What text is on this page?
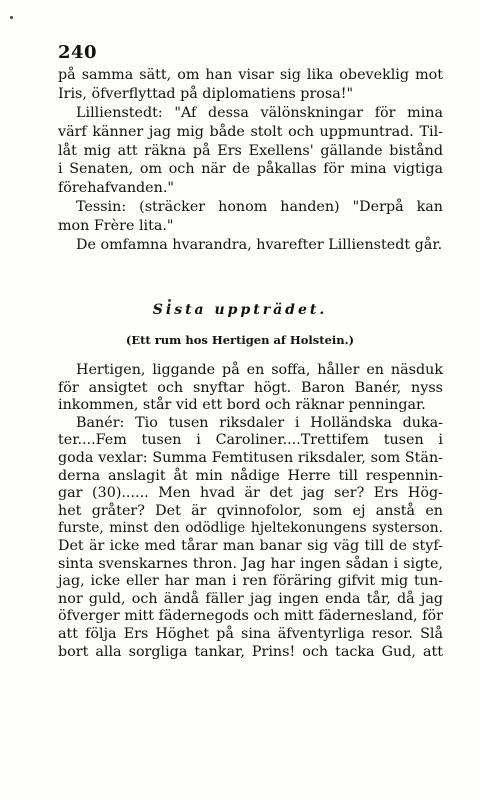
240
på samma sätt, om han visar sig lika obeveklig mot
Iris, öfverflyttad på diplomatiens prosa!"
Lillienstedt: "Af dessa välönskningar för mina
värf känner jag mig både stolt och uppmuntrad. Til-
låt mig att räkna på Ers Exellens' gällande bistånd
i Senaten, om och när de påkallas för mina vigtiga
förehafvanden."
Tessin: (sträcker honom handen) "Derpå kan
mon Frère lita."
De omfamna hvarandra, hvarefter Lillienstedt går.
Sista uppträdet.
(Ett rum hos Hertigen af Holstein.)
Hertigen, liggande på en soffa, håller en näsduk
för ansigtet och snyftar högt. Baron Banér, nyss
inkommen, står vid ett bord och räknar penningar.
Banér: Tio tusen riksdaler i Holländska duka-
ter....Fem tusen i Caroliner....Trettifem tusen i
goda vexlar: Summa Femtitusen riksdaler, som Stän-
derna anslagit åt min nådige Herre till respennin-
gar (30)...... Men hvad är det jag ser? Ers Hög-
het gråter? Det är qvinnofolor, som ej anstå en
furste, minst den odödlige hjeltekonungens systerson.
Det är icke med tårar man banar sig väg till de styf-
sinta svenskarnes thron. Jag har ingen sådan i sigte,
jag, icke eller har man i ren föräring gifvit mig tun-
nor guld, och ändå fäller jag ingen enda tår, då jag
öfverger mitt fädernegods och mitt fädernesland, för
att följa Ers Höghet på sina äfventyrliga resor. Slå
bort alla sorgliga tankar, Prins! och tacka Gud, att
